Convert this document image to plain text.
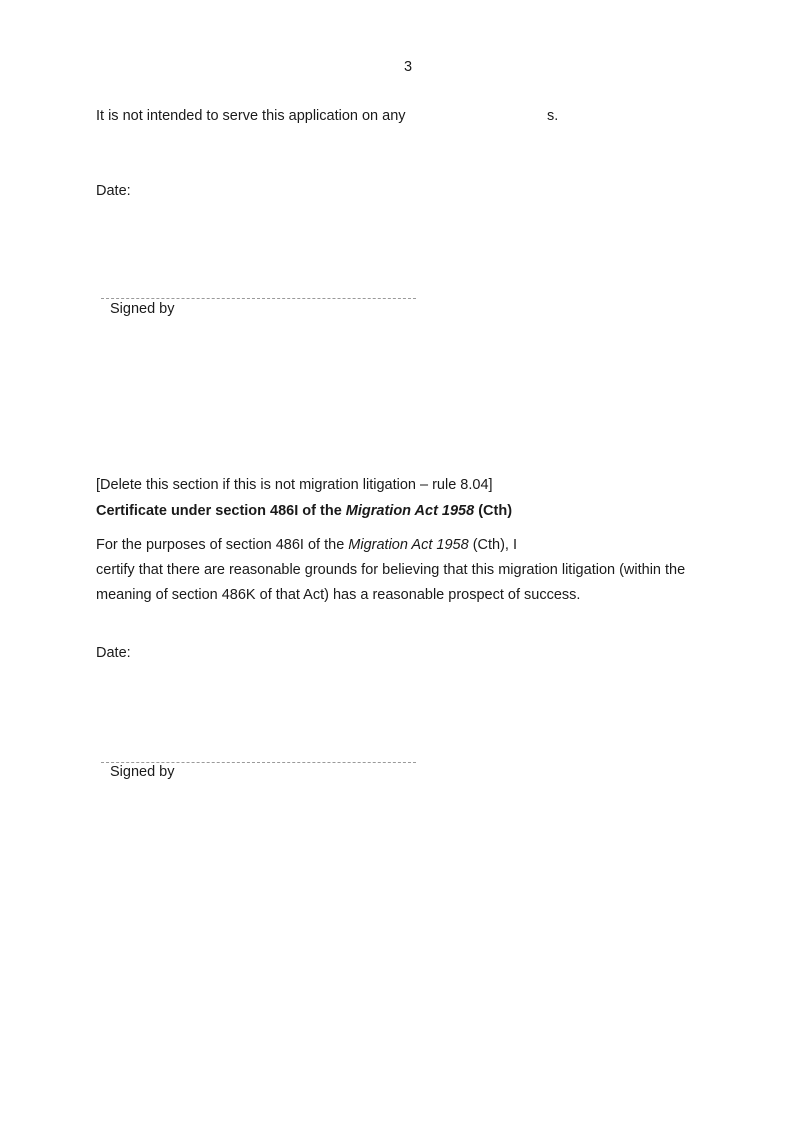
3
It is not intended to serve this application on any	s.
Date:
Signed by
[Delete this section if this is not migration litigation – rule 8.04]
Certificate under section 486I of the Migration Act 1958 (Cth)
For the purposes of section 486I of the Migration Act 1958 (Cth), I
certify that there are reasonable grounds for believing that this migration litigation (within the
meaning of section 486K of that Act) has a reasonable prospect of success.
Date:
Signed by
